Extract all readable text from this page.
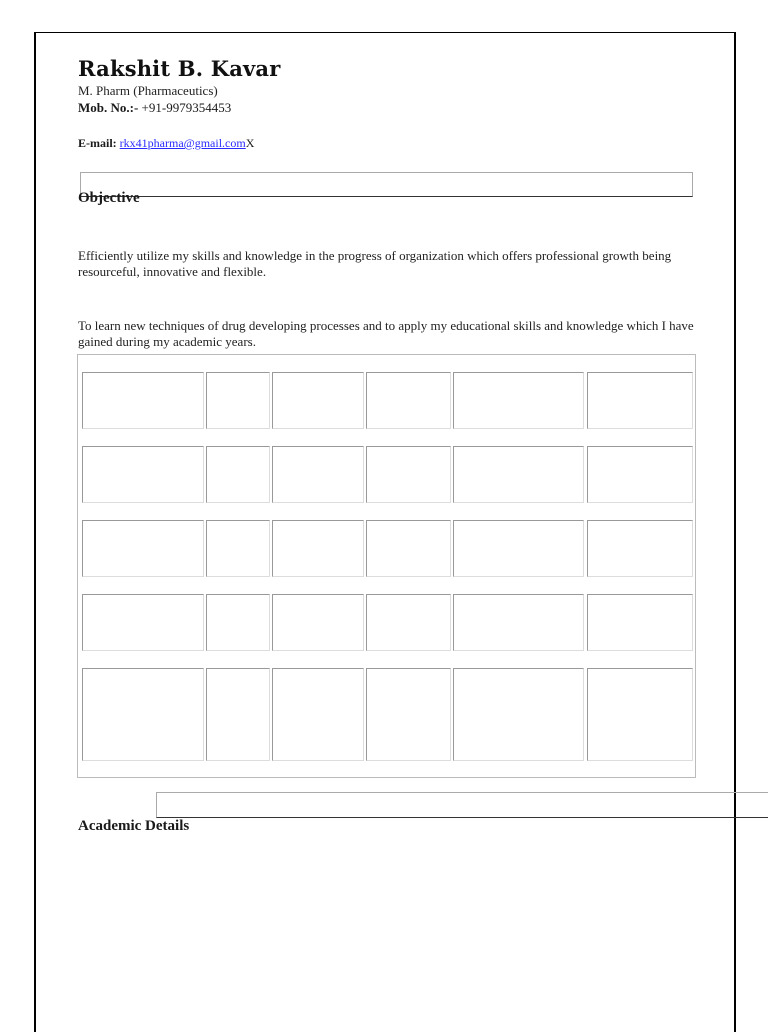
Rakshit B. Kavar
M. Pharm (Pharmaceutics)
Mob. No.:- +91-9979354453
E-mail: rkx41pharma@gmail.comX
Objective
Efficiently utilize my skills and knowledge in the progress of organization which offers professional growth being resourceful, innovative and flexible.
To learn new techniques of drug developing processes and to apply my educational skills and knowledge which I have gained during my academic years.
Academic Details
